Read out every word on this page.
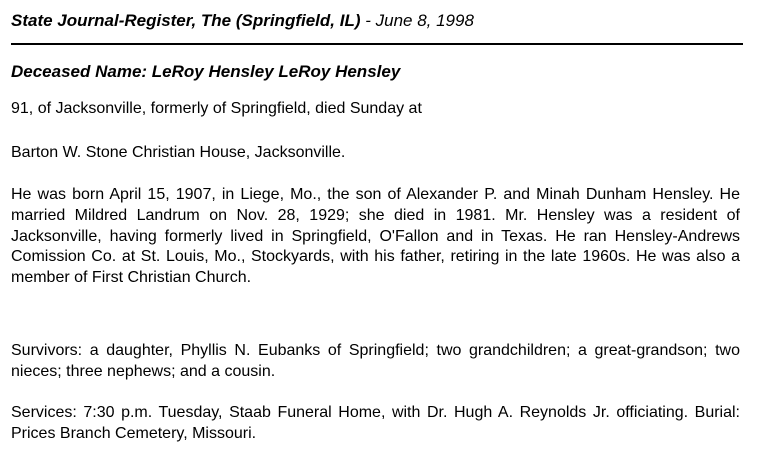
State Journal-Register, The (Springfield, IL) - June 8, 1998
Deceased Name: LeRoy Hensley LeRoy Hensley

91, of Jacksonville, formerly of Springfield, died Sunday at

Barton W. Stone Christian House, Jacksonville.

He was born April 15, 1907, in Liege, Mo., the son of Alexander P. and Minah Dunham Hensley. He married Mildred Landrum on Nov. 28, 1929; she died in 1981. Mr. Hensley was a resident of Jacksonville, having formerly lived in Springfield, O'Fallon and in Texas. He ran Hensley-Andrews Comission Co. at St. Louis, Mo., Stockyards, with his father, retiring in the late 1960s. He was also a member of First Christian Church.

Survivors: a daughter, Phyllis N. Eubanks of Springfield; two grandchildren; a great-grandson; two nieces; three nephews; and a cousin.

Services: 7:30 p.m. Tuesday, Staab Funeral Home, with Dr. Hugh A. Reynolds Jr. officiating. Burial: Prices Branch Cemetery, Missouri.
